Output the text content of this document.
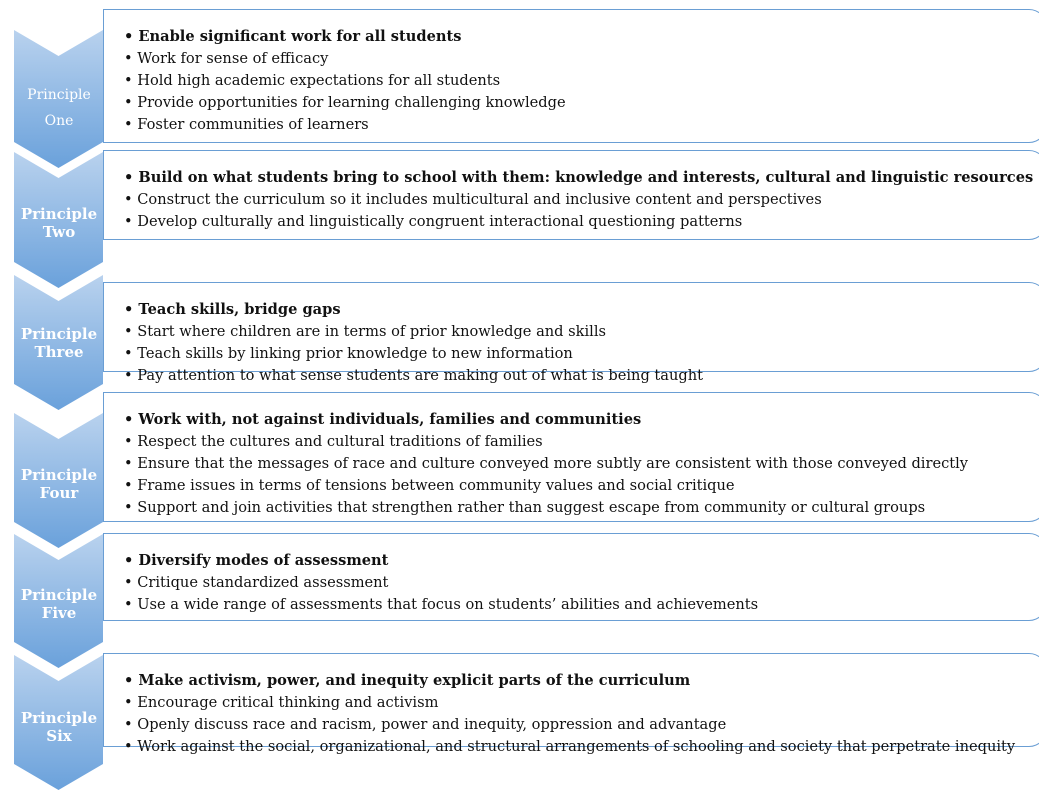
Principle
One
• Enable significant work for all students
• Work for sense of efficacy
• Hold high academic expectations for all students
• Provide opportunities for learning challenging knowledge
• Foster communities of learners
Principle
Two
• Build on what students bring to school with them: knowledge and interests, cultural and linguistic resources
• Construct the curriculum so it includes multicultural and inclusive content and perspectives
• Develop culturally and linguistically congruent interactional questioning patterns
Principle
Three
• Teach skills, bridge gaps
• Start where children are in terms of prior knowledge and skills
• Teach skills by linking prior knowledge to new information
• Pay attention to what sense students are making out of what is being taught
Principle
Four
• Work with, not against individuals, families and communities
• Respect the cultures and cultural traditions of families
• Ensure that the messages of race and culture conveyed more subtly are consistent with those conveyed directly
• Frame issues in terms of tensions between community values and social critique
• Support and join activities that strengthen rather than suggest escape from community or cultural groups
Principle
Five
• Diversify modes of assessment
• Critique standardized assessment
• Use a wide range of assessments that focus on students’ abilities and achievements
Principle
Six
• Make activism, power, and inequity explicit parts of the curriculum
• Encourage critical thinking and activism
• Openly discuss race and racism, power and inequity, oppression and advantage
• Work against the social, organizational, and structural arrangements of schooling and society that perpetrate inequity
